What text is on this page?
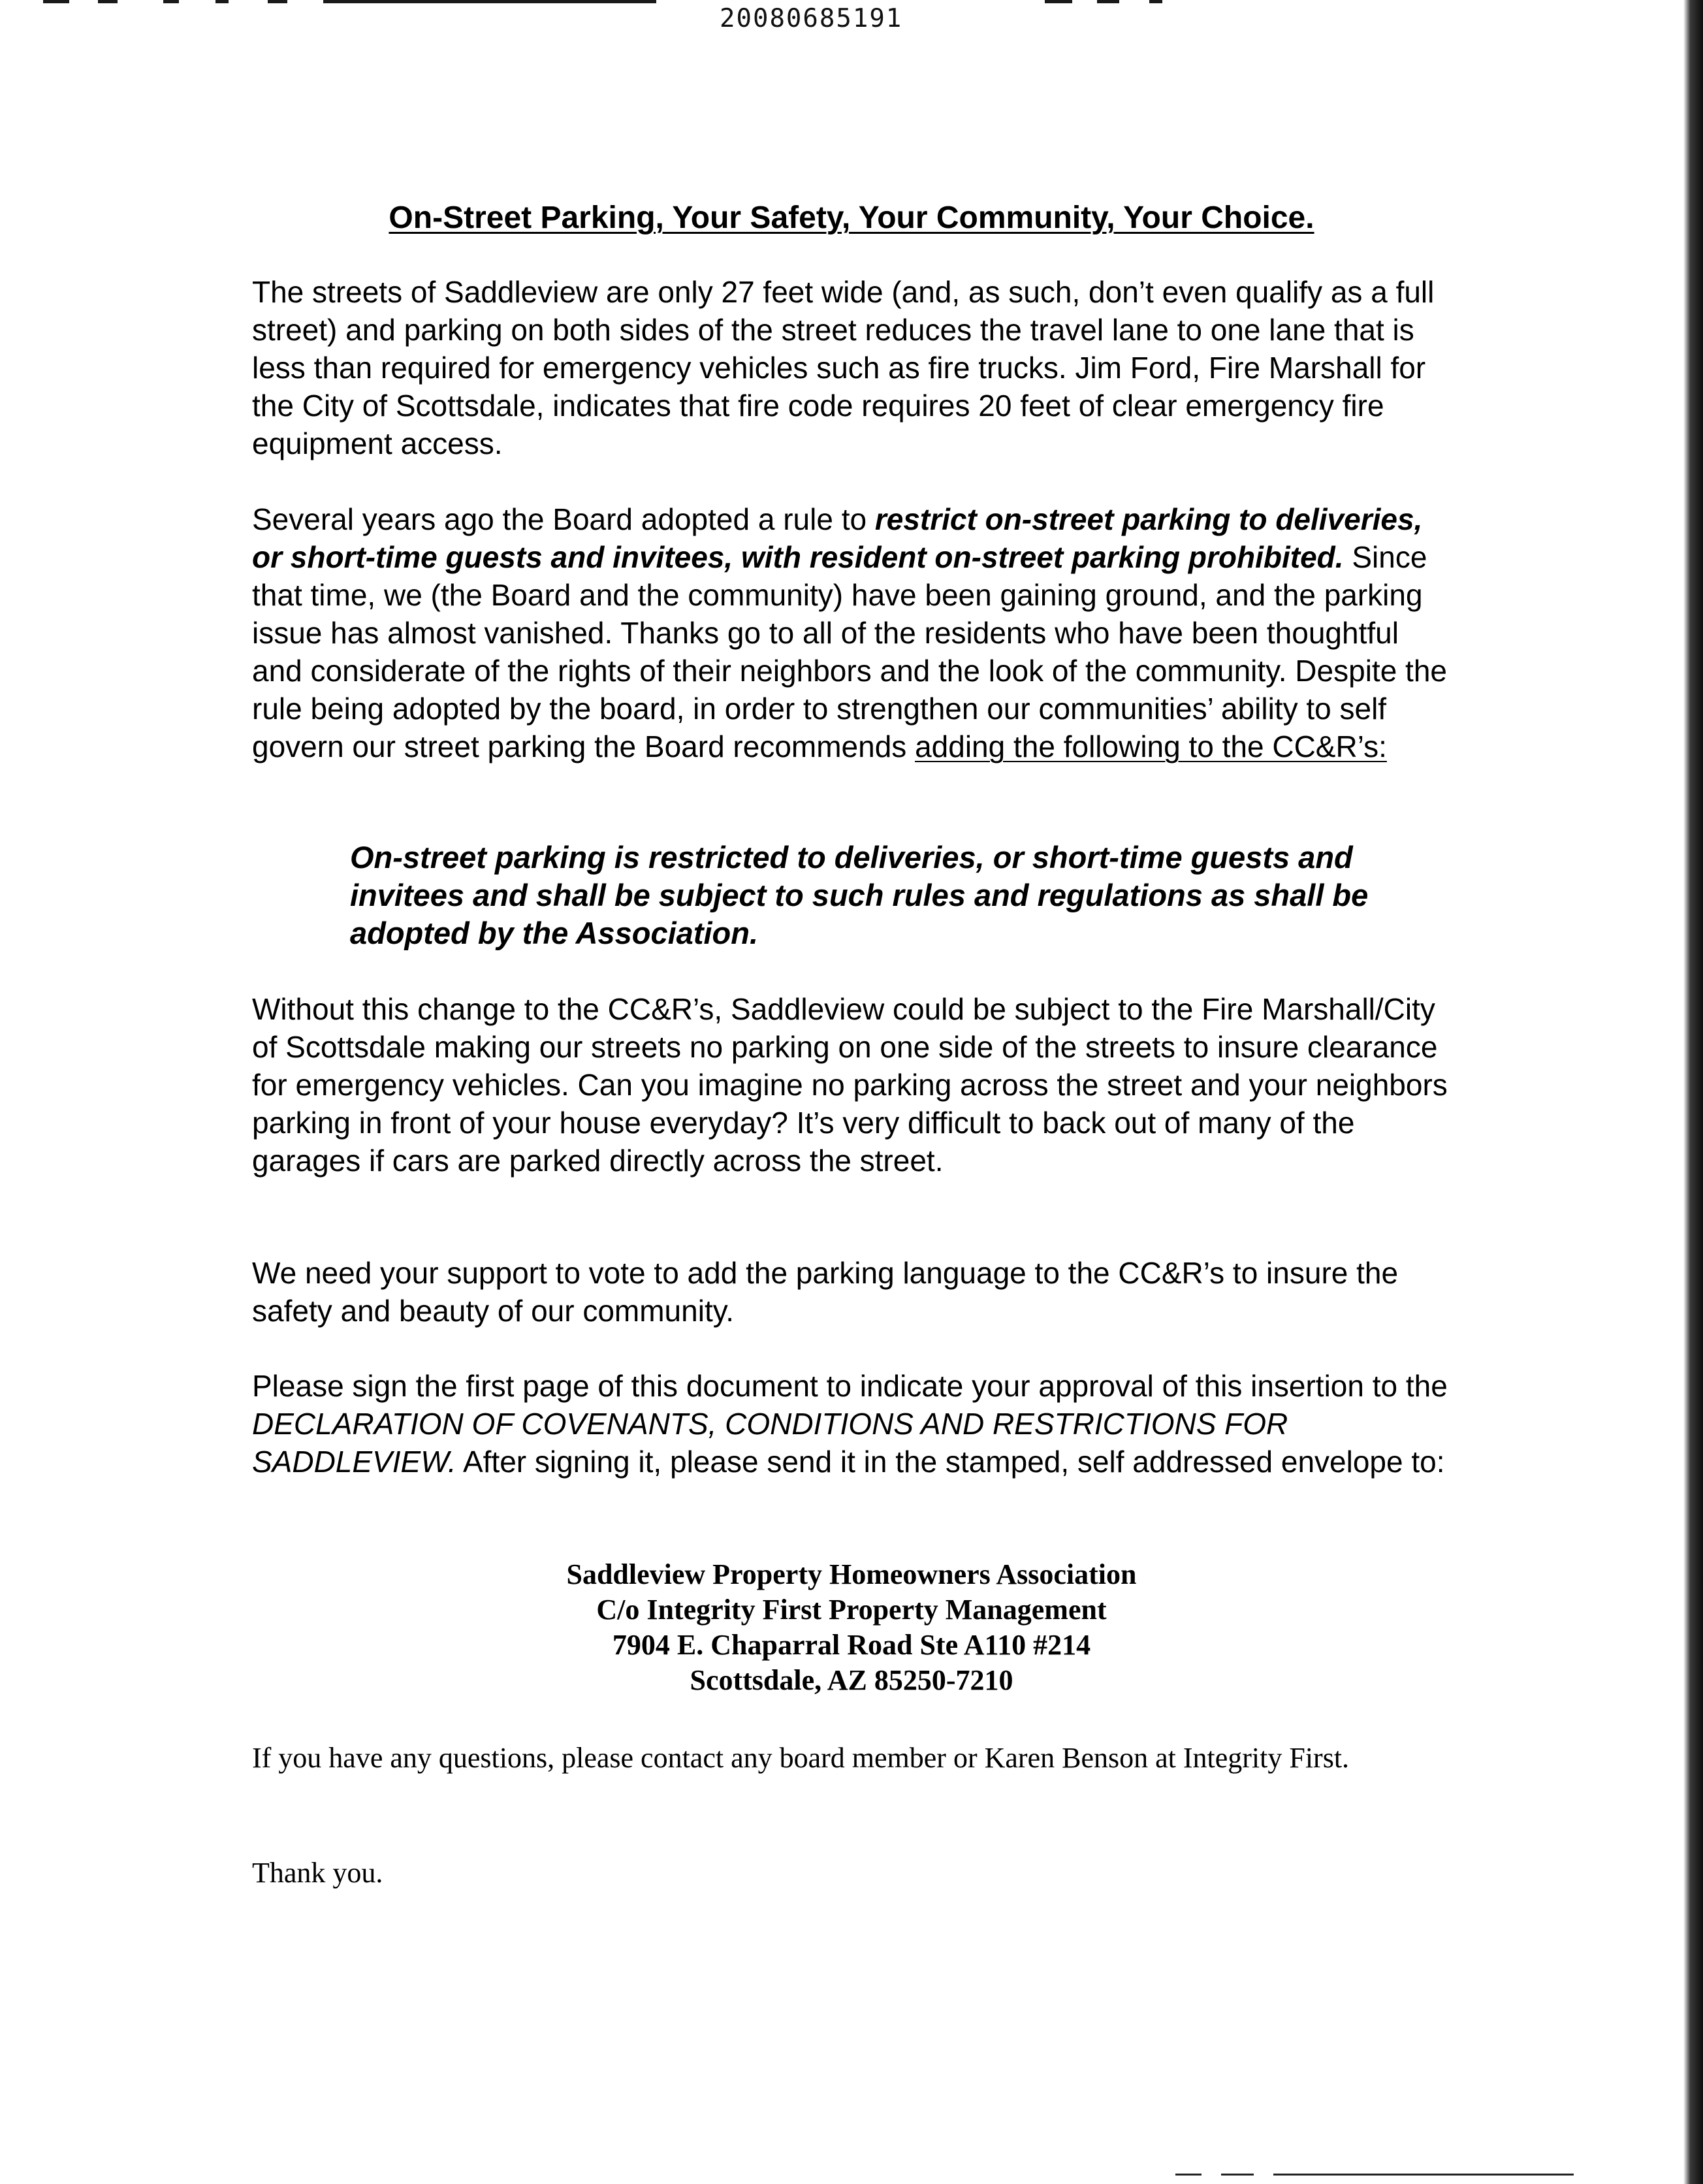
20080685191
On-Street Parking, Your Safety, Your Community, Your Choice.
The streets of Saddleview are only 27 feet wide (and, as such, don’t even qualify as a full street) and parking on both sides of the street reduces the travel lane to one lane that is less than required for emergency vehicles such as fire trucks. Jim Ford, Fire Marshall for the City of Scottsdale, indicates that fire code requires 20 feet of clear emergency fire equipment access.
Several years ago the Board adopted a rule to restrict on-street parking to deliveries, or short-time guests and invitees, with resident on-street parking prohibited. Since that time, we (the Board and the community) have been gaining ground, and the parking issue has almost vanished. Thanks go to all of the residents who have been thoughtful and considerate of the rights of their neighbors and the look of the community. Despite the rule being adopted by the board, in order to strengthen our communities’ ability to self govern our street parking the Board recommends adding the following to the CC&R’s:
On-street parking is restricted to deliveries, or short-time guests and invitees and shall be subject to such rules and regulations as shall be adopted by the Association.
Without this change to the CC&R’s, Saddleview could be subject to the Fire Marshall/City of Scottsdale making our streets no parking on one side of the streets to insure clearance for emergency vehicles. Can you imagine no parking across the street and your neighbors parking in front of your house everyday? It’s very difficult to back out of many of the garages if cars are parked directly across the street.
We need your support to vote to add the parking language to the CC&R’s to insure the safety and beauty of our community.
Please sign the first page of this document to indicate your approval of this insertion to the DECLARATION OF COVENANTS, CONDITIONS AND RESTRICTIONS FOR SADDLEVIEW. After signing it, please send it in the stamped, self addressed envelope to:
Saddleview Property Homeowners Association
C/o Integrity First Property Management
7904 E. Chaparral Road Ste A110 #214
Scottsdale, AZ 85250-7210
If you have any questions, please contact any board member or Karen Benson at Integrity First.
Thank you.
